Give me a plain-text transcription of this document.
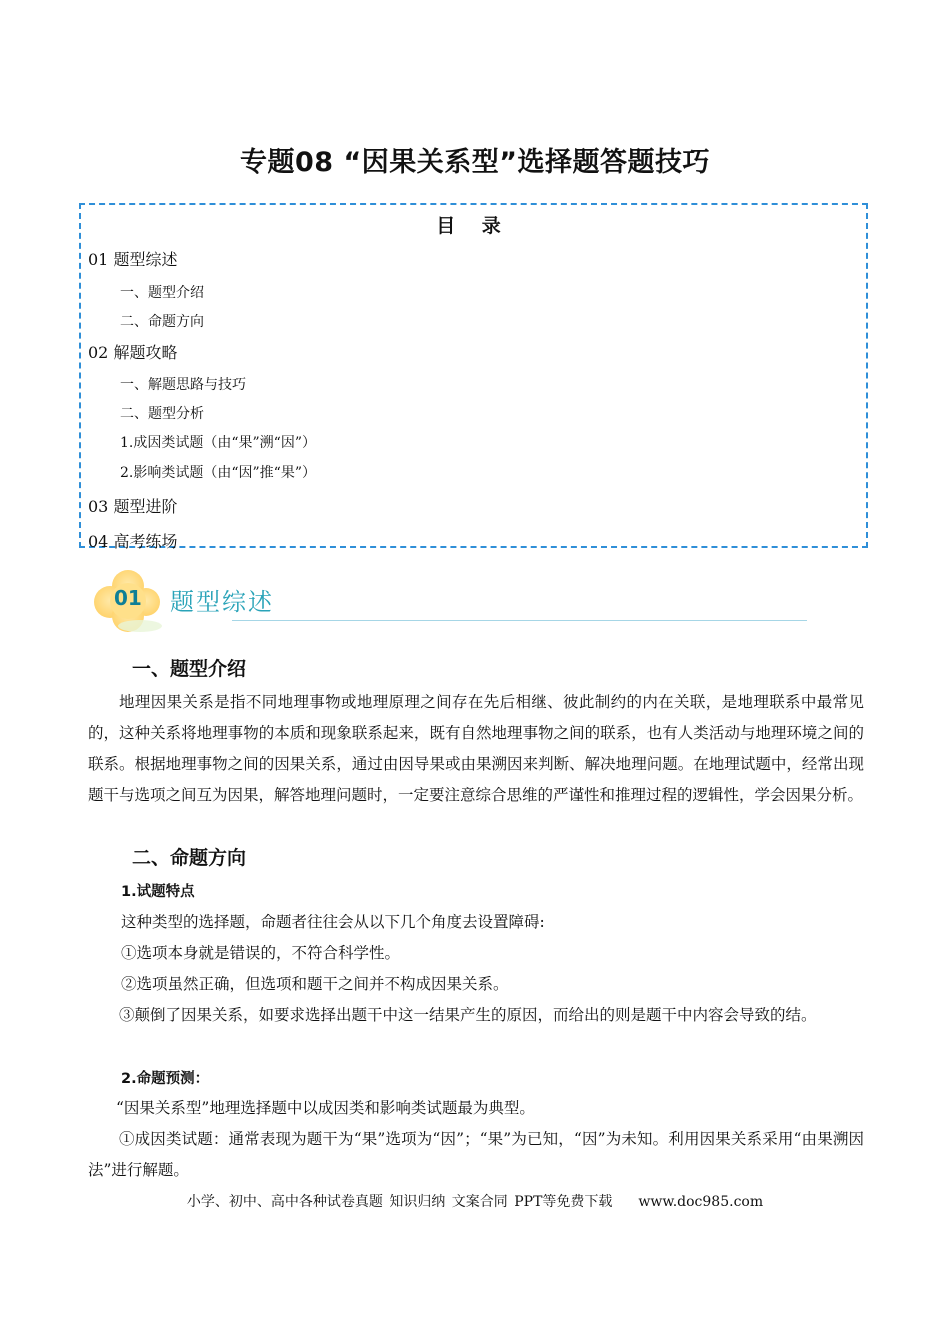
专题08 “因果关系型”选择题答题技巧
目 录
01 题型综述
一、题型介绍
二、命题方向
02 解题攻略
一、解题思路与技巧
二、题型分析
1.成因类试题（由“果”溯“因”）
2.影响类试题（由“因”推“果”）
03 题型进阶
04 高考练场
01 题型综述
一、题型介绍
地理因果关系是指不同地理事物或地理原理之间存在先后相继、彼此制约的内在关联，是地理联系中最常见的，这种关系将地理事物的本质和现象联系起来，既有自然地理事物之间的联系，也有人类活动与地理环境之间的联系。根据地理事物之间的因果关系，通过由因导果或由果溯因来判断、解决地理问题。在地理试题中，经常出现题干与选项之间互为因果，解答地理问题时，一定要注意综合思维的严谨性和推理过程的逻辑性，学会因果分析。
二、命题方向
1.试题特点
这种类型的选择题，命题者往往会从以下几个角度去设置障碍:
①选项本身就是错误的，不符合科学性。
②选项虽然正确，但选项和题干之间并不构成因果关系。
③颠倒了因果关系，如要求选择出题干中这一结果产生的原因，而给出的则是题干中内容会导致的结。
2.命题预测：
“因果关系型”地理选择题中以成因类和影响类试题最为典型。
①成因类试题：通常表现为题干为“果”选项为“因”；“果”为已知，“因”为未知。利用因果关系采用“由果溯因法”进行解题。
小学、初中、高中各种试卷真题 知识归纳 文案合同 PPT等免费下载 www.doc985.com
